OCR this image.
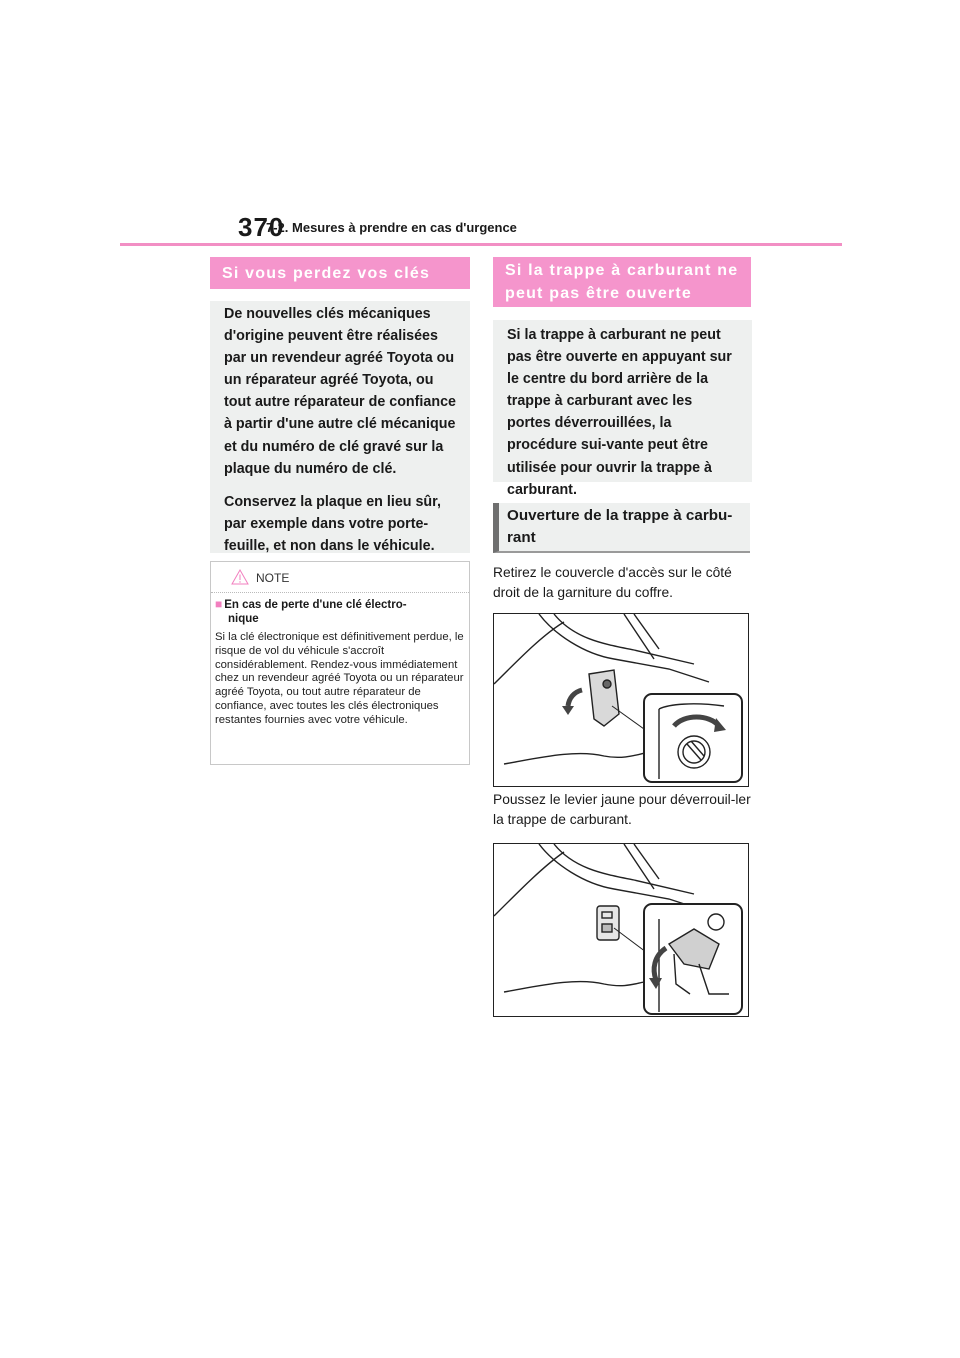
370
7-2. Mesures à prendre en cas d'urgence
Si vous perdez vos clés

De nouvelles clés mécaniques d'origine peuvent être réalisées par un revendeur agréé Toyota ou un réparateur agréé Toyota, ou tout autre réparateur de confiance à partir d'une autre clé mécanique et du numéro de clé gravé sur la plaque du numéro de clé.

Conservez la plaque en lieu sûr, par exemple dans votre porte-feuille, et non dans le véhicule.

NOTE
■ En cas de perte d'une clé électro-
nique
Si la clé électronique est définitivement perdue, le risque de vol du véhicule s'accroît considérablement. Rendez-vous immédiatement chez un revendeur agréé Toyota ou un réparateur agréé Toyota, ou tout autre réparateur de confiance, avec toutes les clés électroniques restantes fournies avec votre véhicule.
Si la trappe à carburant ne peut pas être ouverte

Si la trappe à carburant ne peut pas être ouverte en appuyant sur le centre du bord arrière de la trappe à carburant avec les portes déverrouillées, la procédure sui-vante peut être utilisée pour ouvrir la trappe à carburant.

Ouverture de la trappe à carbu-rant
Retirez le couvercle d'accès sur le côté droit de la garniture du coffre.
Poussez le levier jaune pour déverrouil-ler la trappe de carburant.
